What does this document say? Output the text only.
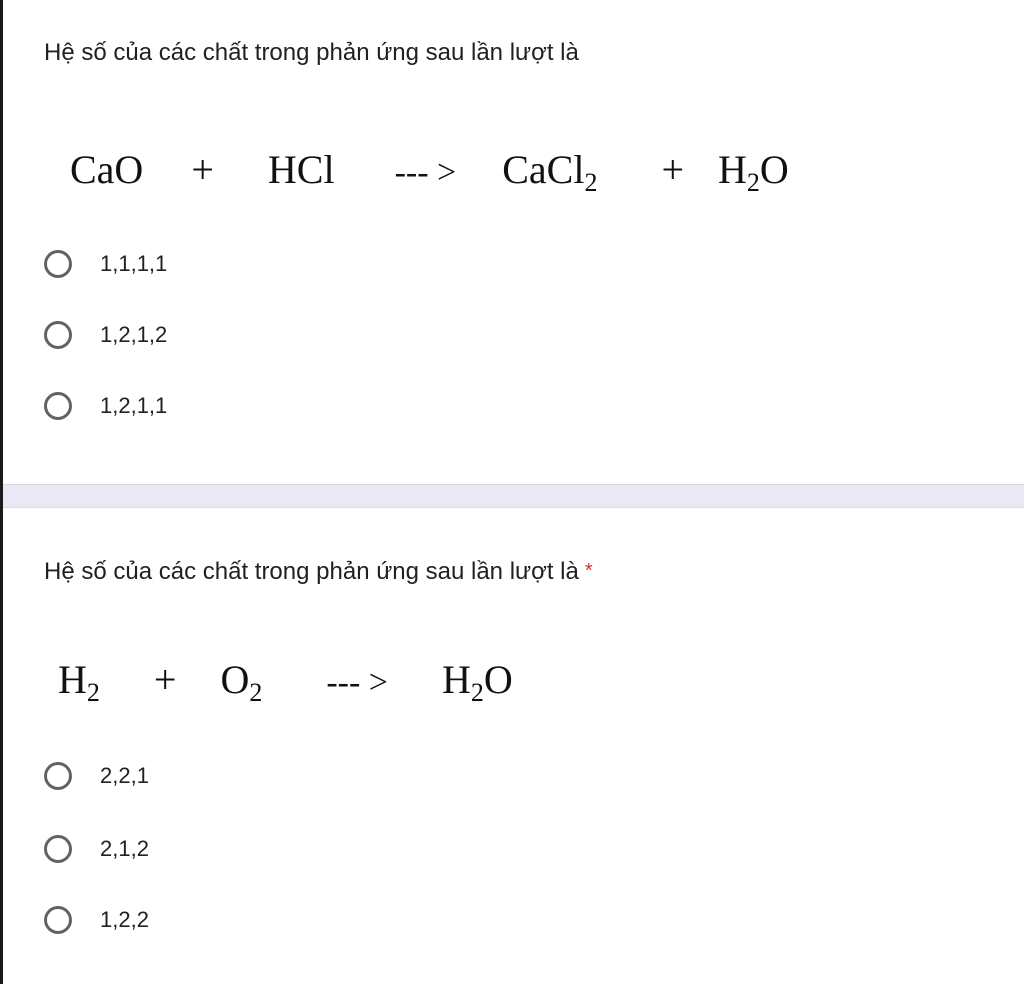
Hệ số của các chất trong phản ứng sau lần lượt là
CaO + HCl --- > CaCl$_2$ + $H_2O$
1,1,1,1
1,2,1,2
1,2,1,1
Hệ số của các chất trong phản ứng sau lần lượt là *
$H_2 + O_2$ --- > $H_2O$
2,2,1
2,1,2
1,2,2
